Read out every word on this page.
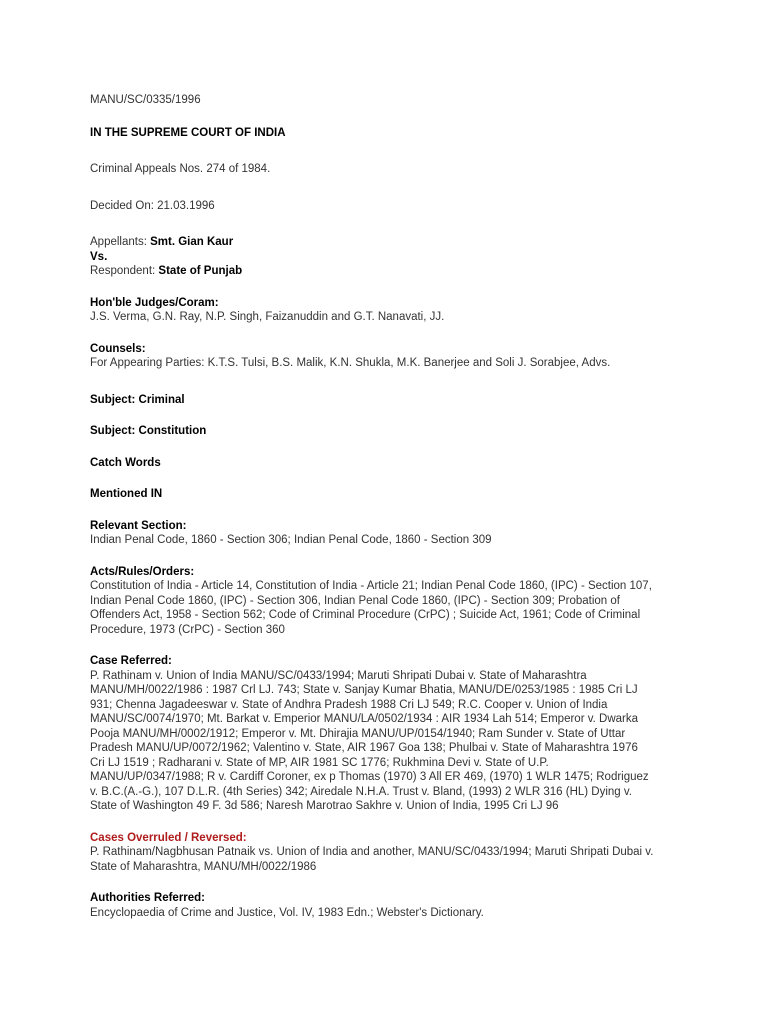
MANU/SC/0335/1996
IN THE SUPREME COURT OF INDIA
Criminal Appeals Nos. 274 of 1984.
Decided On: 21.03.1996
Appellants: Smt. Gian Kaur
Vs.
Respondent: State of Punjab
Hon'ble Judges/Coram:
J.S. Verma, G.N. Ray, N.P. Singh, Faizanuddin and G.T. Nanavati, JJ.
Counsels:
For Appearing Parties: K.T.S. Tulsi, B.S. Malik, K.N. Shukla, M.K. Banerjee and Soli J. Sorabjee, Advs.
Subject: Criminal
Subject: Constitution
Catch Words
Mentioned IN
Relevant Section:
Indian Penal Code, 1860 - Section 306; Indian Penal Code, 1860 - Section 309
Acts/Rules/Orders:
Constitution of India - Article 14, Constitution of India - Article 21; Indian Penal Code 1860, (IPC) - Section 107,
Indian Penal Code 1860, (IPC) - Section 306, Indian Penal Code 1860, (IPC) - Section 309; Probation of
Offenders Act, 1958 - Section 562; Code of Criminal Procedure (CrPC) ; Suicide Act, 1961; Code of Criminal
Procedure, 1973 (CrPC) - Section 360
Case Referred:
P. Rathinam v. Union of India MANU/SC/0433/1994; Maruti Shripati Dubai v. State of Maharashtra
MANU/MH/0022/1986 : 1987 Crl LJ. 743; State v. Sanjay Kumar Bhatia, MANU/DE/0253/1985 : 1985 Cri LJ
931; Chenna Jagadeeswar v. State of Andhra Pradesh 1988 Cri LJ 549; R.C. Cooper v. Union of India
MANU/SC/0074/1970; Mt. Barkat v. Emperior MANU/LA/0502/1934 : AIR 1934 Lah 514; Emperor v. Dwarka
Pooja MANU/MH/0002/1912; Emperor v. Mt. Dhirajia MANU/UP/0154/1940; Ram Sunder v. State of Uttar
Pradesh MANU/UP/0072/1962; Valentino v. State, AIR 1967 Goa 138; Phulbai v. State of Maharashtra 1976
Cri LJ 1519 ; Radharani v. State of MP, AIR 1981 SC 1776; Rukhmina Devi v. State of U.P.
MANU/UP/0347/1988; R v. Cardiff Coroner, ex p Thomas (1970) 3 All ER 469, (1970) 1 WLR 1475; Rodriguez
v. B.C.(A.-G.), 107 D.L.R. (4th Series) 342; Airedale N.H.A. Trust v. Bland, (1993) 2 WLR 316 (HL) Dying v.
State of Washington 49 F. 3d 586; Naresh Marotrao Sakhre v. Union of India, 1995 Cri LJ 96
Cases Overruled / Reversed:
P. Rathinam/Nagbhusan Patnaik vs. Union of India and another, MANU/SC/0433/1994; Maruti Shripati Dubai v.
State of Maharashtra, MANU/MH/0022/1986
Authorities Referred:
Encyclopaedia of Crime and Justice, Vol. IV, 1983 Edn.; Webster's Dictionary.
